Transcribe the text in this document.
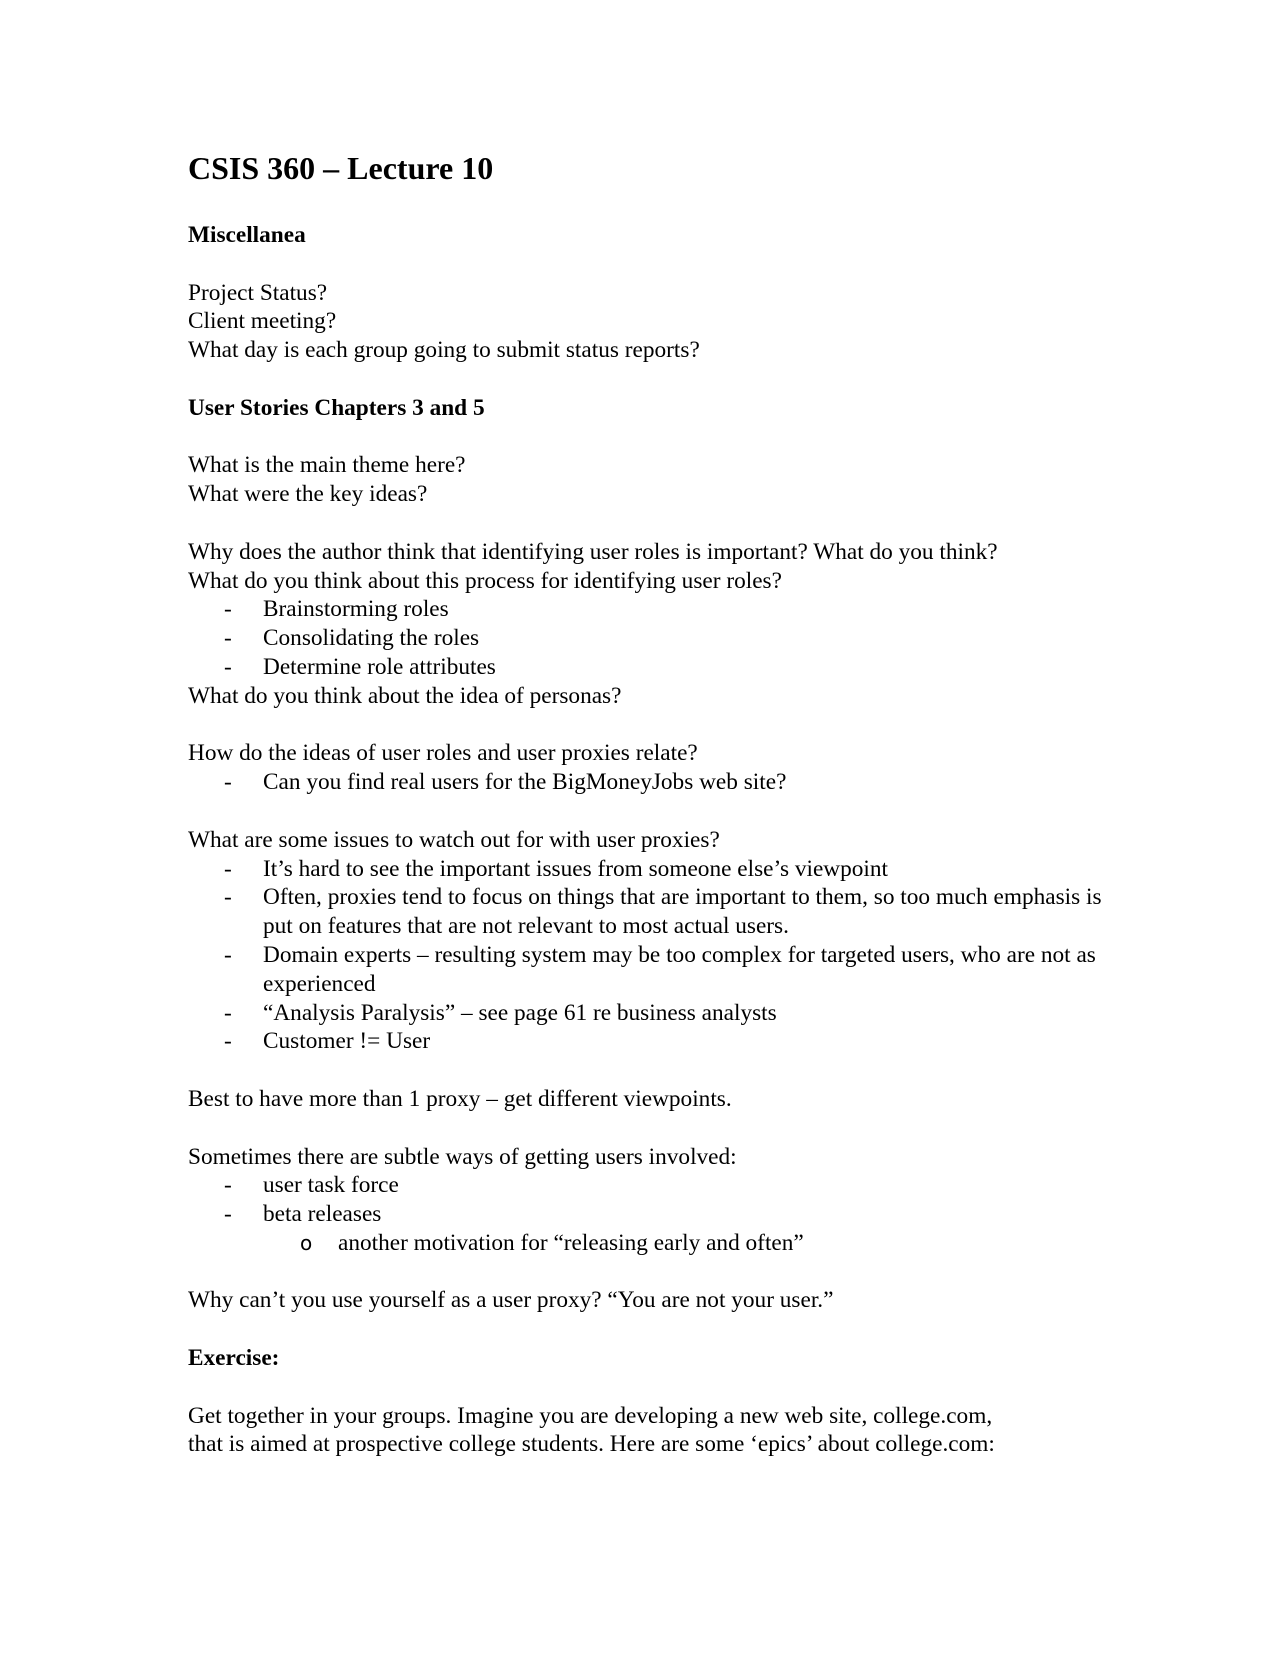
CSIS 360 – Lecture 10
Miscellanea
Project Status?
Client meeting?
What day is each group going to submit status reports?
User Stories Chapters 3 and 5
What is the main theme here?
What were the key ideas?
Why does the author think that identifying user roles is important? What do you think?
What do you think about this process for identifying user roles?
- Brainstorming roles
- Consolidating the roles
- Determine role attributes
What do you think about the idea of personas?
How do the ideas of user roles and user proxies relate?
- Can you find real users for the BigMoneyJobs web site?
What are some issues to watch out for with user proxies?
- It’s hard to see the important issues from someone else’s viewpoint
- Often, proxies tend to focus on things that are important to them, so too much emphasis is put on features that are not relevant to most actual users.
- Domain experts – resulting system may be too complex for targeted users, who are not as experienced
- “Analysis Paralysis” – see page 61 re business analysts
- Customer != User
Best to have more than 1 proxy – get different viewpoints.
Sometimes there are subtle ways of getting users involved:
- user task force
- beta releases
o another motivation for “releasing early and often”
Why can’t you use yourself as a user proxy? “You are not your user.”
Exercise:
Get together in your groups. Imagine you are developing a new web site, college.com,
that is aimed at prospective college students. Here are some ‘epics’ about college.com:
